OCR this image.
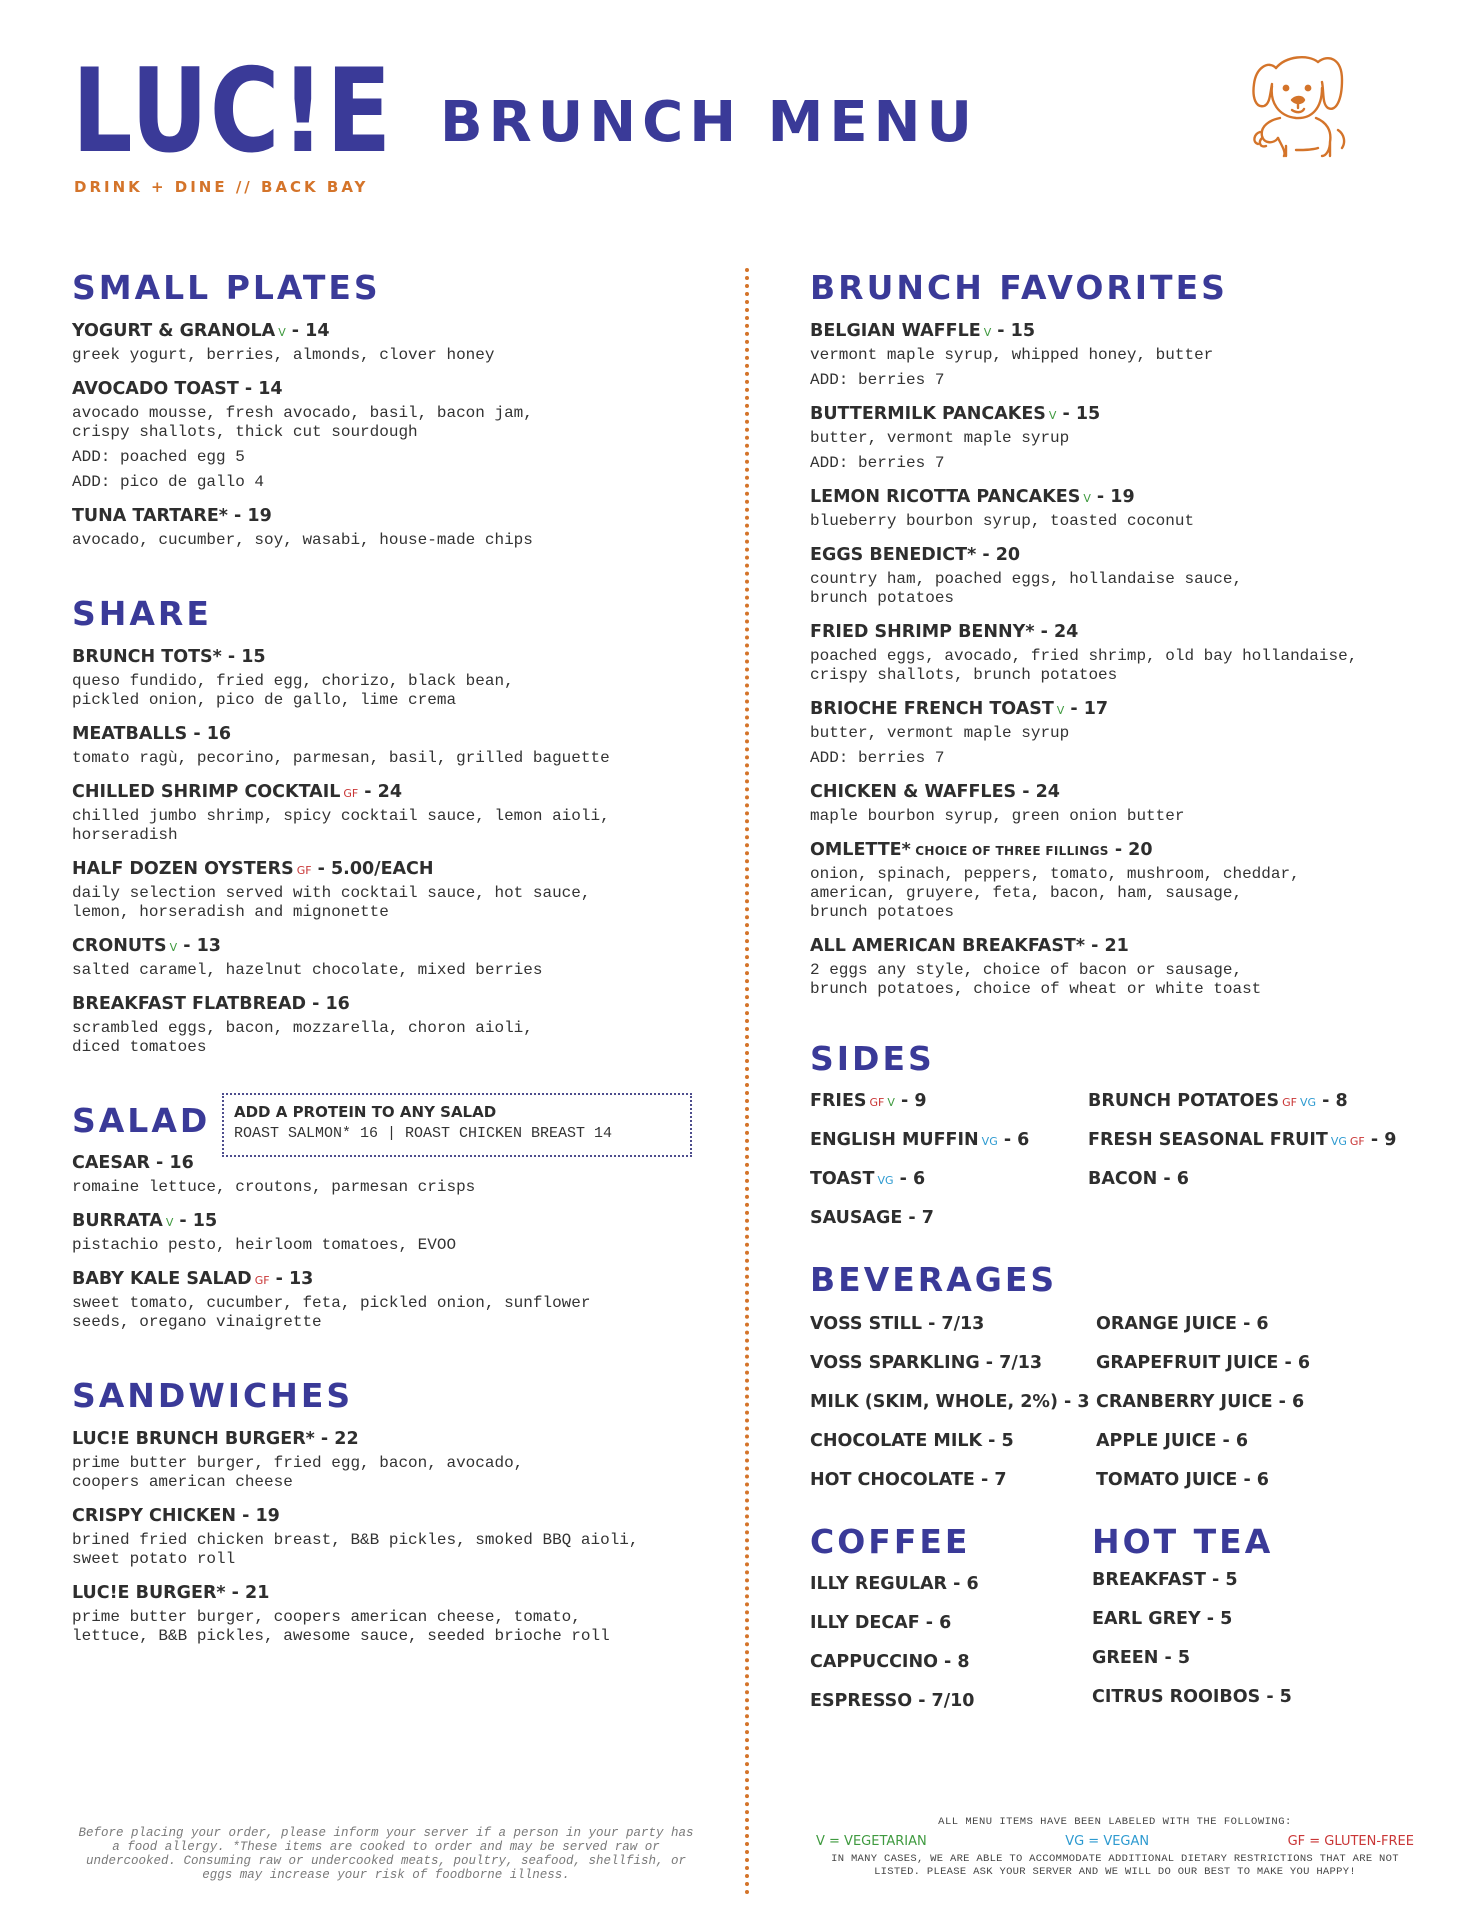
LUC!E
DRINK + DINE // BACK BAY
BRUNCH MENU
SMALL PLATES
YOGURT & GRANOLA V - 14
greek yogurt, berries, almonds, clover honey
AVOCADO TOAST - 14
avocado mousse, fresh avocado, basil, bacon jam,
crispy shallots, thick cut sourdough
ADD: poached egg 5
ADD: pico de gallo 4
TUNA TARTARE* - 19
avocado, cucumber, soy, wasabi, house-made chips
SHARE
BRUNCH TOTS* - 15
queso fundido, fried egg, chorizo, black bean,
pickled onion, pico de gallo, lime crema
MEATBALLS - 16
tomato ragù, pecorino, parmesan, basil, grilled baguette
CHILLED SHRIMP COCKTAIL GF - 24
chilled jumbo shrimp, spicy cocktail sauce, lemon aioli,
horseradish
HALF DOZEN OYSTERS GF - 5.00/EACH
daily selection served with cocktail sauce, hot sauce,
lemon, horseradish and mignonette
CRONUTS V - 13
salted caramel, hazelnut chocolate, mixed berries
BREAKFAST FLATBREAD - 16
scrambled eggs, bacon, mozzarella, choron aioli,
diced tomatoes
SALAD	ADD A PROTEIN TO ANY SALAD
ROAST SALMON* 16 | ROAST CHICKEN BREAST 14
CAESAR - 16
romaine lettuce, croutons, parmesan crisps
BURRATA V - 15
pistachio pesto, heirloom tomatoes, EVOO
BABY KALE SALAD GF - 13
sweet tomato, cucumber, feta, pickled onion, sunflower
seeds, oregano vinaigrette
SANDWICHES
LUC!E BRUNCH BURGER* - 22
prime butter burger, fried egg, bacon, avocado,
coopers american cheese
CRISPY CHICKEN - 19
brined fried chicken breast, B&B pickles, smoked BBQ aioli,
sweet potato roll
LUC!E BURGER* - 21
prime butter burger, coopers american cheese, tomato,
lettuce, B&B pickles, awesome sauce, seeded brioche roll
Before placing your order, please inform your server if a person in your party has a food allergy. *These items are cooked to order and may be served raw or undercooked. Consuming raw or undercooked meats, poultry, seafood, shellfish, or eggs may increase your risk of foodborne illness.
BRUNCH FAVORITES
BELGIAN WAFFLE V - 15
vermont maple syrup, whipped honey, butter
ADD: berries 7
BUTTERMILK PANCAKES V - 15
butter, vermont maple syrup
ADD: berries 7
LEMON RICOTTA PANCAKES V - 19
blueberry bourbon syrup, toasted coconut
EGGS BENEDICT* - 20
country ham, poached eggs, hollandaise sauce,
brunch potatoes
FRIED SHRIMP BENNY* - 24
poached eggs, avocado, fried shrimp, old bay hollandaise,
crispy shallots, brunch potatoes
BRIOCHE FRENCH TOAST V - 17
butter, vermont maple syrup
ADD: berries 7
CHICKEN & WAFFLES - 24
maple bourbon syrup, green onion butter
OMLETTE* CHOICE OF THREE FILLINGS - 20
onion, spinach, peppers, tomato, mushroom, cheddar,
american, gruyere, feta, bacon, ham, sausage,
brunch potatoes
ALL AMERICAN BREAKFAST* - 21
2 eggs any style, choice of bacon or sausage,
brunch potatoes, choice of wheat or white toast
SIDES
FRIES GF V - 9	BRUNCH POTATOES GF VG - 8
ENGLISH MUFFIN VG - 6	FRESH SEASONAL FRUIT VG GF - 9
TOAST VG - 6	BACON - 6
SAUSAGE - 7
BEVERAGES
VOSS STILL - 7/13	ORANGE JUICE - 6
VOSS SPARKLING - 7/13	GRAPEFRUIT JUICE - 6
MILK (SKIM, WHOLE, 2%) - 3 CRANBERRY JUICE - 6
CHOCOLATE MILK - 5	APPLE JUICE - 6
HOT CHOCOLATE - 7	TOMATO JUICE - 6
COFFEE
ILLY REGULAR - 6
ILLY DECAF - 6
CAPPUCCINO - 8
ESPRESSO - 7/10
HOT TEA
BREAKFAST - 5
EARL GREY - 5
GREEN - 5
CITRUS ROOIBOS - 5
ALL MENU ITEMS HAVE BEEN LABELED WITH THE FOLLOWING:
V = VEGETARIAN	VG = VEGAN	GF = GLUTEN-FREE
IN MANY CASES, WE ARE ABLE TO ACCOMMODATE ADDITIONAL DIETARY RESTRICTIONS THAT ARE NOT LISTED. PLEASE ASK YOUR SERVER AND WE WILL DO OUR BEST TO MAKE YOU HAPPY!
